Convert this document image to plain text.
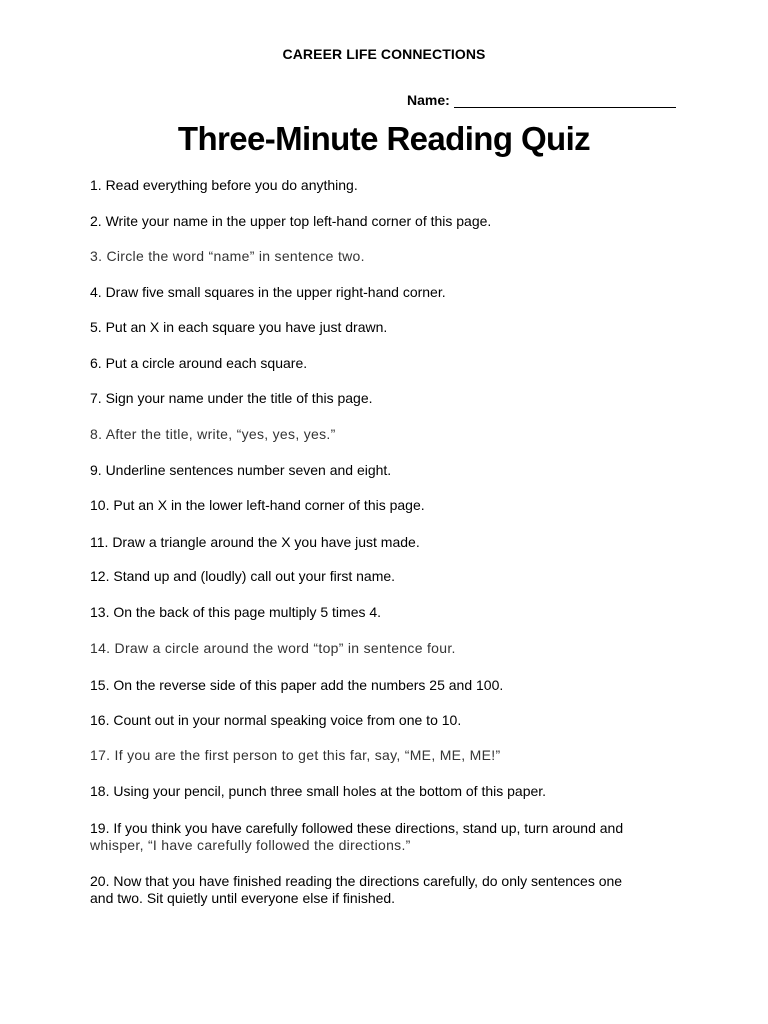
CAREER LIFE CONNECTIONS
Name:
Three-Minute Reading Quiz
1. Read everything before you do anything.
2. Write your name in the upper top left-hand corner of this page.
3. Circle the word “name” in sentence two.
4. Draw five small squares in the upper right-hand corner.
5. Put an X in each square you have just drawn.
6. Put a circle around each square.
7. Sign your name under the title of this page.
8. After the title, write, “yes, yes, yes.”
9. Underline sentences number seven and eight.
10. Put an X in the lower left-hand corner of this page.
11. Draw a triangle around the X you have just made.
12. Stand up and (loudly) call out your first name.
13. On the back of this page multiply 5 times 4.
14. Draw a circle around the word “top” in sentence four.
15. On the reverse side of this paper add the numbers 25 and 100.
16. Count out in your normal speaking voice from one to 10.
17. If you are the first person to get this far, say, “ME, ME, ME!”
18. Using your pencil, punch three small holes at the bottom of this paper.
19. If you think you have carefully followed these directions, stand up, turn around and
whisper, “I have carefully followed the directions.”
20. Now that you have finished reading the directions carefully, do only sentences one
and two. Sit quietly until everyone else if finished.
